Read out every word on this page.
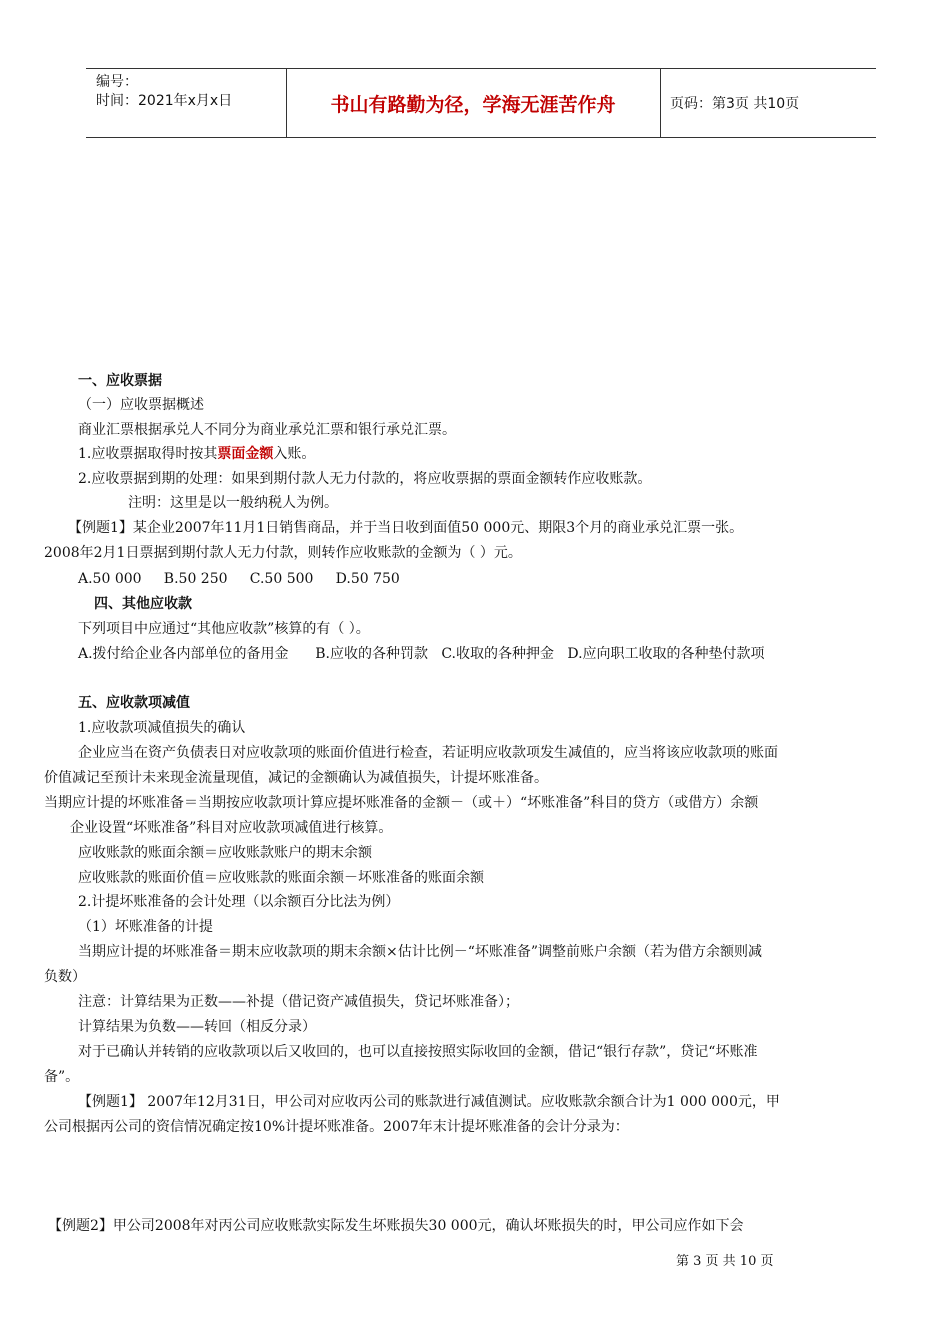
编号：
时间：2021年x月x日	书山有路勤为径，学海无涯苦作舟	页码：第3页 共10页
一、应收票据
（一）应收票据概述
商业汇票根据承兑人不同分为商业承兑汇票和银行承兑汇票。
1.应收票据取得时按其票面金额入账。
2.应收票据到期的处理：如果到期付款人无力付款的，将应收票据的票面金额转作应收账款。
注明：这里是以一般纳税人为例。
【例题1】某企业2007年11月1日销售商品，并于当日收到面值50 000元、期限3个月的商业承兑汇票一张。
2008年2月1日票据到期付款人无力付款，则转作应收账款的金额为（ ）元。
A.50 000     B.50 250     C.50 500     D.50 750
四、其他应收款
下列项目中应通过“其他应收款”核算的有（ ）。
A.拨付给企业各内部单位的备用金      B.应收的各种罚款   C.收取的各种押金   D.应向职工收取的各种垫付款项
五、应收款项减值
1.应收款项减值损失的确认
企业应当在资产负债表日对应收款项的账面价值进行检查，若证明应收款项发生减值的，应当将该应收款项的账面
价值减记至预计未来现金流量现值，减记的金额确认为减值损失，计提坏账准备。
当期应计提的坏账准备＝当期按应收款项计算应提坏账准备的金额－（或＋）“坏账准备”科目的贷方（或借方）余额
企业设置“坏账准备”科目对应收款项减值进行核算。
应收账款的账面余额＝应收账款账户的期末余额
应收账款的账面价值＝应收账款的账面余额－坏账准备的账面余额
2.计提坏账准备的会计处理（以余额百分比法为例）
（1）坏账准备的计提
当期应计提的坏账准备＝期末应收款项的期末余额×估计比例－“坏账准备”调整前账户余额（若为借方余额则减
负数）
注意：计算结果为正数——补提（借记资产减值损失，贷记坏账准备）；
计算结果为负数——转回（相反分录）
对于已确认并转销的应收款项以后又收回的，也可以直接按照实际收回的金额，借记“银行存款”，贷记“坏账准
备”。
【例题1】 2007年12月31日，甲公司对应收丙公司的账款进行减值测试。应收账款余额合计为1 000 000元，甲
公司根据丙公司的资信情况确定按10%计提坏账准备。2007年末计提坏账准备的会计分录为：
【例题2】甲公司2008年对丙公司应收账款实际发生坏账损失30 000元，确认坏账损失的时，甲公司应作如下会
第 3 页 共 10 页
